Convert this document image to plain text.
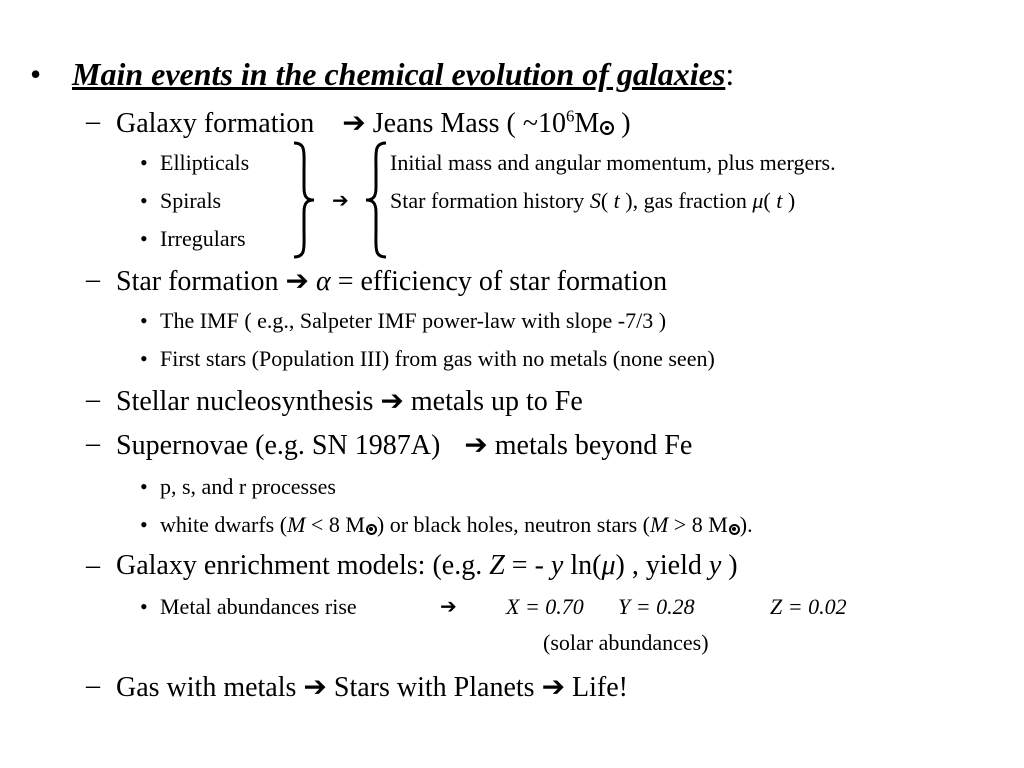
• Main events in the chemical evolution of galaxies:
– Galaxy formation ➔ Jeans Mass ( $\sim 10^6M$ )
• Ellipticals
• Spirals
• Irregulars
➔
Initial mass and angular momentum, plus mergers.
Star formation history S( t ), gas fraction μ( t )
– Star formation ➔ α = efficiency of star formation
• The IMF ( e.g., Salpeter IMF power-law with slope -7/3 )
• First stars (Population III) from gas with no metals (none seen)
– Stellar nucleosynthesis ➔ metals up to Fe
– Supernovae (e.g. SN 1987A) ➔ metals beyond Fe
• p, s, and r processes
• white dwarfs (M < 8 M ) or black holes, neutron stars (M > 8 M ).
– Galaxy enrichment models: (e.g. Z = - y ln(μ) , yield y )
• Metal abundances rise	➔ X = 0.70 Y = 0.28	Z = 0.02
(solar abundances)
– Gas with metals ➔ Stars with Planets ➔ Life!
